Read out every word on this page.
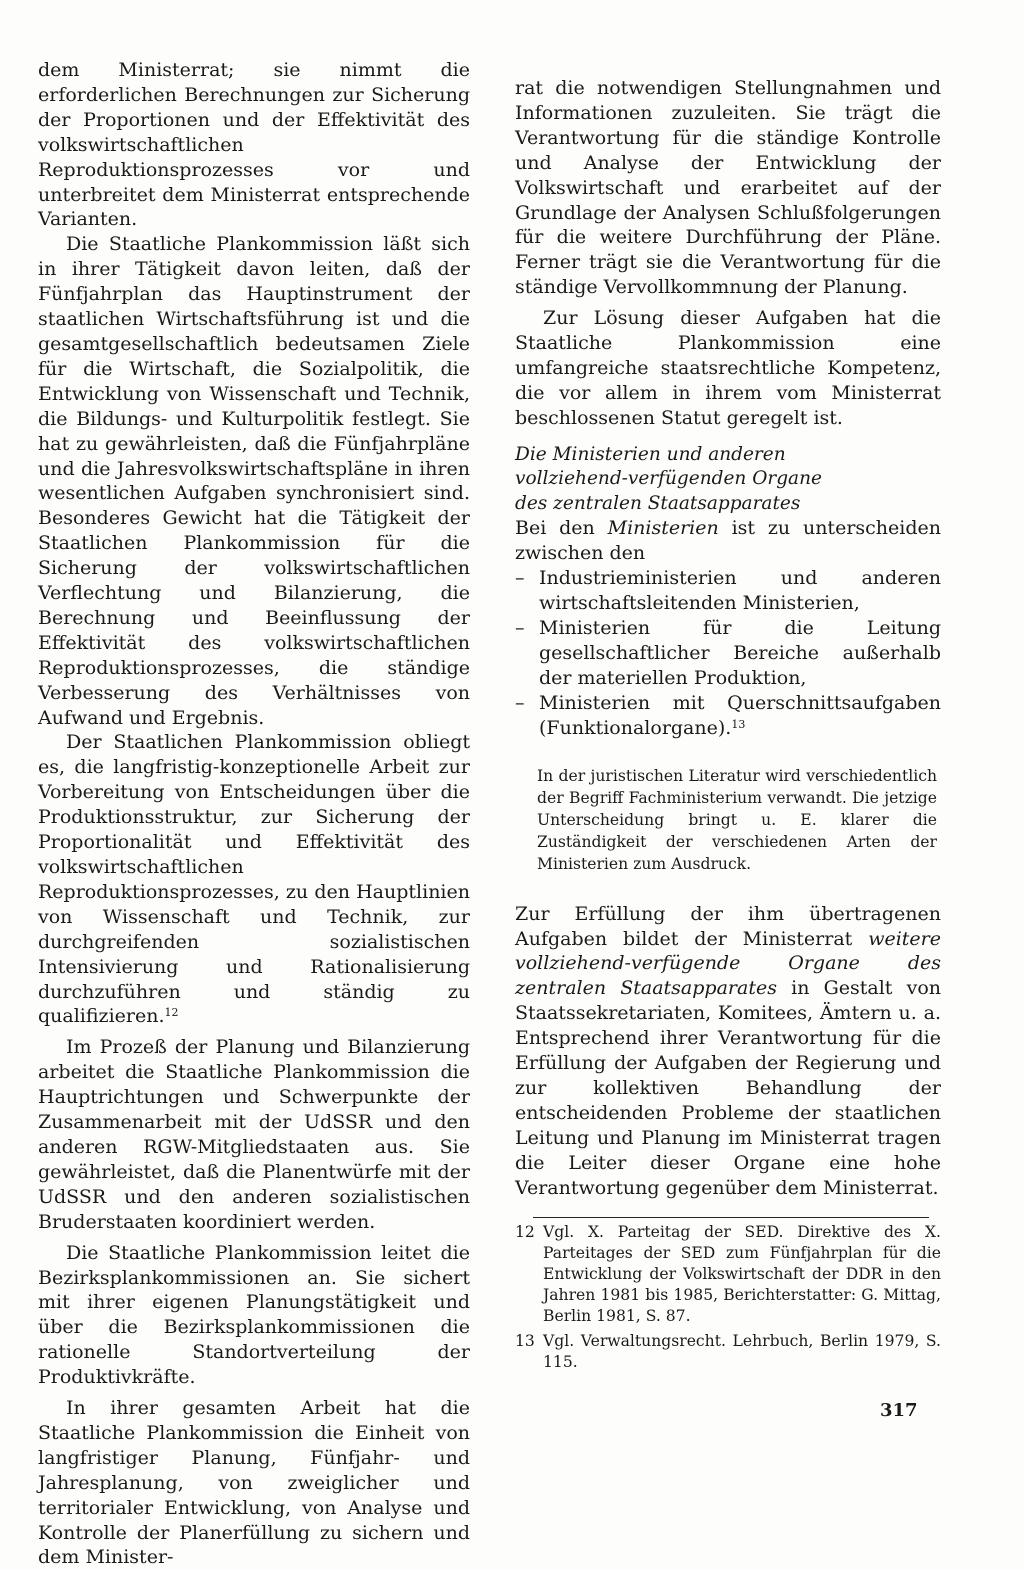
dem Ministerrat; sie nimmt die erforderlichen Berechnungen zur Sicherung der Proportionen und der Effektivität des volkswirtschaftlichen Reproduktionsprozesses vor und unterbreitet dem Ministerrat entsprechende Varianten.

Die Staatliche Plankommission läßt sich in ihrer Tätigkeit davon leiten, daß der Fünfjahrplan das Hauptinstrument der staatlichen Wirtschaftsführung ist und die gesamtgesellschaftlich bedeutsamen Ziele für die Wirtschaft, die Sozialpolitik, die Entwicklung von Wissenschaft und Technik, die Bildungs- und Kulturpolitik festlegt. Sie hat zu gewährleisten, daß die Fünfjahrpläne und die Jahresvolkswirtschaftspläne in ihren wesentlichen Aufgaben synchronisiert sind. Besonderes Gewicht hat die Tätigkeit der Staatlichen Plankommission für die Sicherung der volkswirtschaftlichen Verflechtung und Bilanzierung, die Berechnung und Beeinflussung der Effektivität des volkswirtschaftlichen Reproduktionsprozesses, die ständige Verbesserung des Verhältnisses von Aufwand und Ergebnis.

Der Staatlichen Plankommission obliegt es, die langfristig-konzeptionelle Arbeit zur Vorbereitung von Entscheidungen über die Produktionsstruktur, zur Sicherung der Proportionalität und Effektivität des volkswirtschaftlichen Reproduktionsprozesses, zu den Hauptlinien von Wissenschaft und Technik, zur durchgreifenden sozialistischen Intensivierung und Rationalisierung durchzuführen und ständig zu qualifizieren.$^{12}$

Im Prozeß der Planung und Bilanzierung arbeitet die Staatliche Plankommission die Hauptrichtungen und Schwerpunkte der Zusammenarbeit mit der UdSSR und den anderen RGW-Mitgliedstaaten aus. Sie gewährleistet, daß die Planentwürfe mit der UdSSR und den anderen sozialistischen Bruderstaaten koordiniert werden.

Die Staatliche Plankommission leitet die Bezirksplankommissionen an. Sie sichert mit ihrer eigenen Planungstätigkeit und über die Bezirksplankommissionen die rationelle Standortverteilung der Produktivkräfte.

In ihrer gesamten Arbeit hat die Staatliche Plankommission die Einheit von langfristiger Planung, Fünfjahr- und Jahresplanung, von zweiglicher und territorialer Entwicklung, von Analyse und Kontrolle der Planerfüllung zu sichern und dem Minister-

rat die notwendigen Stellungnahmen und Informationen zuzuleiten. Sie trägt die Verantwortung für die ständige Kontrolle und Analyse der Entwicklung der Volkswirtschaft und erarbeitet auf der Grundlage der Analysen Schlußfolgerungen für die weitere Durchführung der Pläne. Ferner trägt sie die Verantwortung für die ständige Vervollkommnung der Planung.

Zur Lösung dieser Aufgaben hat die Staatliche Plankommission eine umfangreiche staatsrechtliche Kompetenz, die vor allem in ihrem vom Ministerrat beschlossenen Statut geregelt ist.

Die Ministerien und anderen
vollziehend-verfügenden Organe
des zentralen Staatsapparates

Bei den Ministerien ist zu unterscheiden zwischen den

– Industrieministerien und anderen wirtschaftsleitenden Ministerien,
– Ministerien für die Leitung gesellschaftlicher Bereiche außerhalb der materiellen Produktion,
– Ministerien mit Querschnittsaufgaben (Funktionalorgane).$^{13}$
In der juristischen Literatur wird verschiedentlich der Begriff Fachministerium verwandt. Die jetzige Unterscheidung bringt u. E. klarer die Zuständigkeit der verschiedenen Arten der Ministerien zum Ausdruck.

Zur Erfüllung der ihm übertragenen Aufgaben bildet der Ministerrat weitere vollziehend-verfügende Organe des zentralen Staatsapparates in Gestalt von Staatssekretariaten, Komitees, Ämtern u. a. Entsprechend ihrer Verantwortung für die Erfüllung der Aufgaben der Regierung und zur kollektiven Behandlung der entscheidenden Probleme der staatlichen Leitung und Planung im Ministerrat tragen die Leiter dieser Organe eine hohe Verantwortung gegenüber dem Ministerrat.

12 Vgl. X. Parteitag der SED. Direktive des X. Parteitages der SED zum Fünfjahrplan für die Entwicklung der Volkswirtschaft der DDR in den Jahren 1981 bis 1985, Berichterstatter: G. Mittag, Berlin 1981, S. 87.
13 Vgl. Verwaltungsrecht. Lehrbuch, Berlin 1979, S. 115.
317
